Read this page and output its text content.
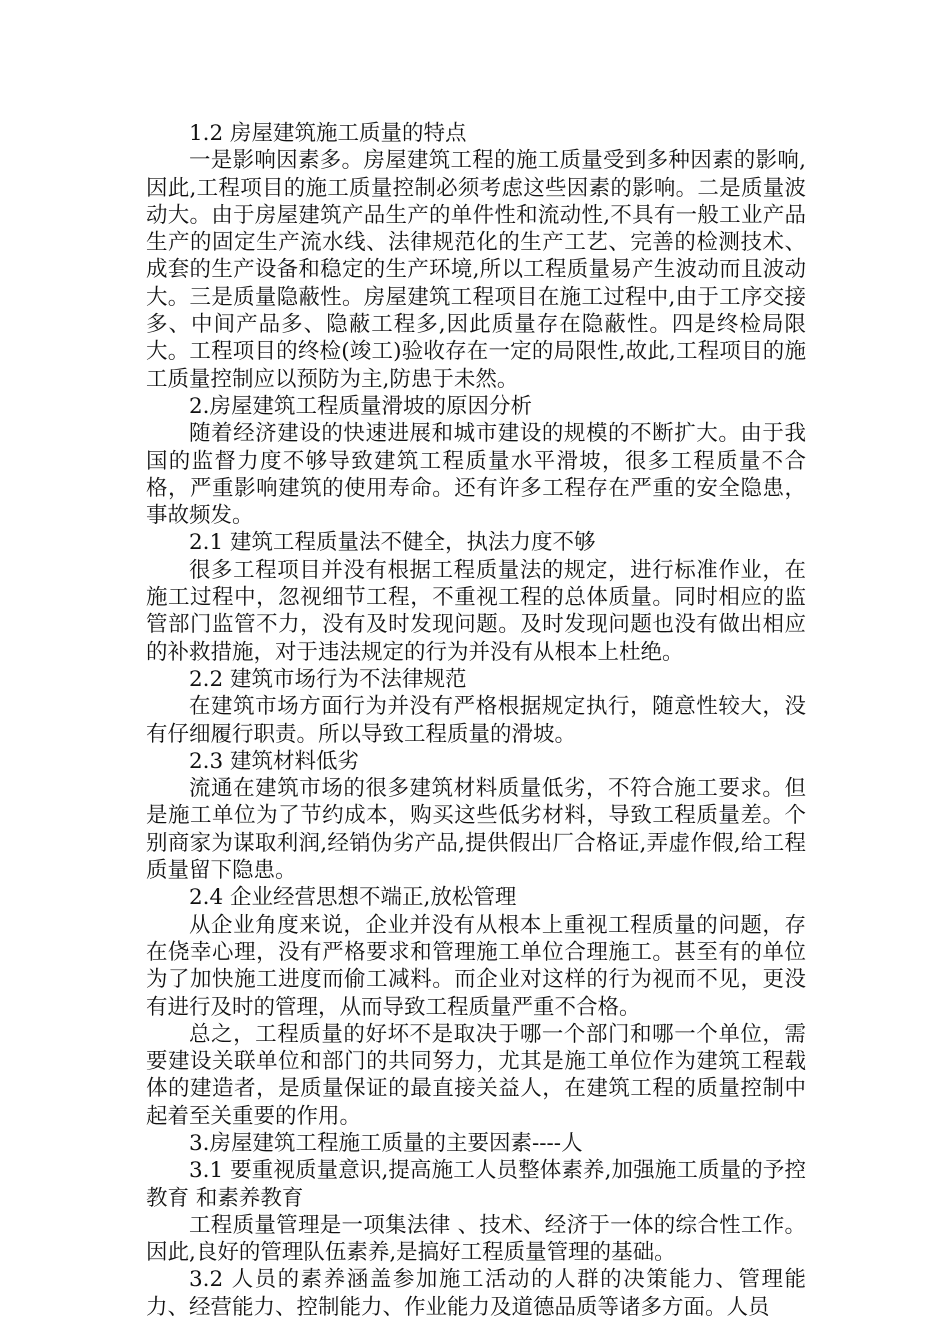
1.2 房屋建筑施工质量的特点

一是影响因素多。房屋建筑工程的施工质量受到多种因素的影响,因此,工程项目的施工质量控制必须考虑这些因素的影响。二是质量波动大。由于房屋建筑产品生产的单件性和流动性,不具有一般工业产品生产的固定生产流水线、法律规范化的生产工艺、完善的检测技术、成套的生产设备和稳定的生产环境,所以工程质量易产生波动而且波动大。三是质量隐蔽性。房屋建筑工程项目在施工过程中,由于工序交接多、中间产品多、隐蔽工程多,因此质量存在隐蔽性。四是终检局限大。工程项目的终检(竣工)验收存在一定的局限性,故此,工程项目的施工质量控制应以预防为主,防患于未然。

2.房屋建筑工程质量滑坡的原因分析

随着经济建设的快速进展和城市建设的规模的不断扩大。由于我国的监督力度不够导致建筑工程质量水平滑坡，很多工程质量不合格，严重影响建筑的使用寿命。还有许多工程存在严重的安全隐患，事故频发。

2.1 建筑工程质量法不健全，执法力度不够

很多工程项目并没有根据工程质量法的规定，进行标准作业，在施工过程中，忽视细节工程，不重视工程的总体质量。同时相应的监管部门监管不力，没有及时发现问题。及时发现问题也没有做出相应的补救措施，对于违法规定的行为并没有从根本上杜绝。

2.2 建筑市场行为不法律规范

在建筑市场方面行为并没有严格根据规定执行，随意性较大，没有仔细履行职责。所以导致工程质量的滑坡。

2.3 建筑材料低劣

流通在建筑市场的很多建筑材料质量低劣，不符合施工要求。但是施工单位为了节约成本，购买这些低劣材料，导致工程质量差。个别商家为谋取利润,经销伪劣产品,提供假出厂合格证,弄虚作假,给工程质量留下隐患。

2.4 企业经营思想不端正,放松管理

从企业角度来说，企业并没有从根本上重视工程质量的问题，存在侥幸心理，没有严格要求和管理施工单位合理施工。甚至有的单位为了加快施工进度而偷工减料。而企业对这样的行为视而不见，更没有进行及时的管理，从而导致工程质量严重不合格。

总之，工程质量的好坏不是取决于哪一个部门和哪一个单位，需要建设关联单位和部门的共同努力，尤其是施工单位作为建筑工程载体的建造者，是质量保证的最直接关益人，在建筑工程的质量控制中起着至关重要的作用。

3.房屋建筑工程施工质量的主要因素----人

3.1 要重视质量意识,提高施工人员整体素养,加强施工质量的予控 教育 和素养教育

工程质量管理是一项集法律 、技术、经济于一体的综合性工作。因此,良好的管理队伍素养,是搞好工程质量管理的基础。

3.2 人员的素养涵盖参加施工活动的人群的决策能力、管理能力、经营能力、控制能力、作业能力及道德品质等诸多方面。人员
